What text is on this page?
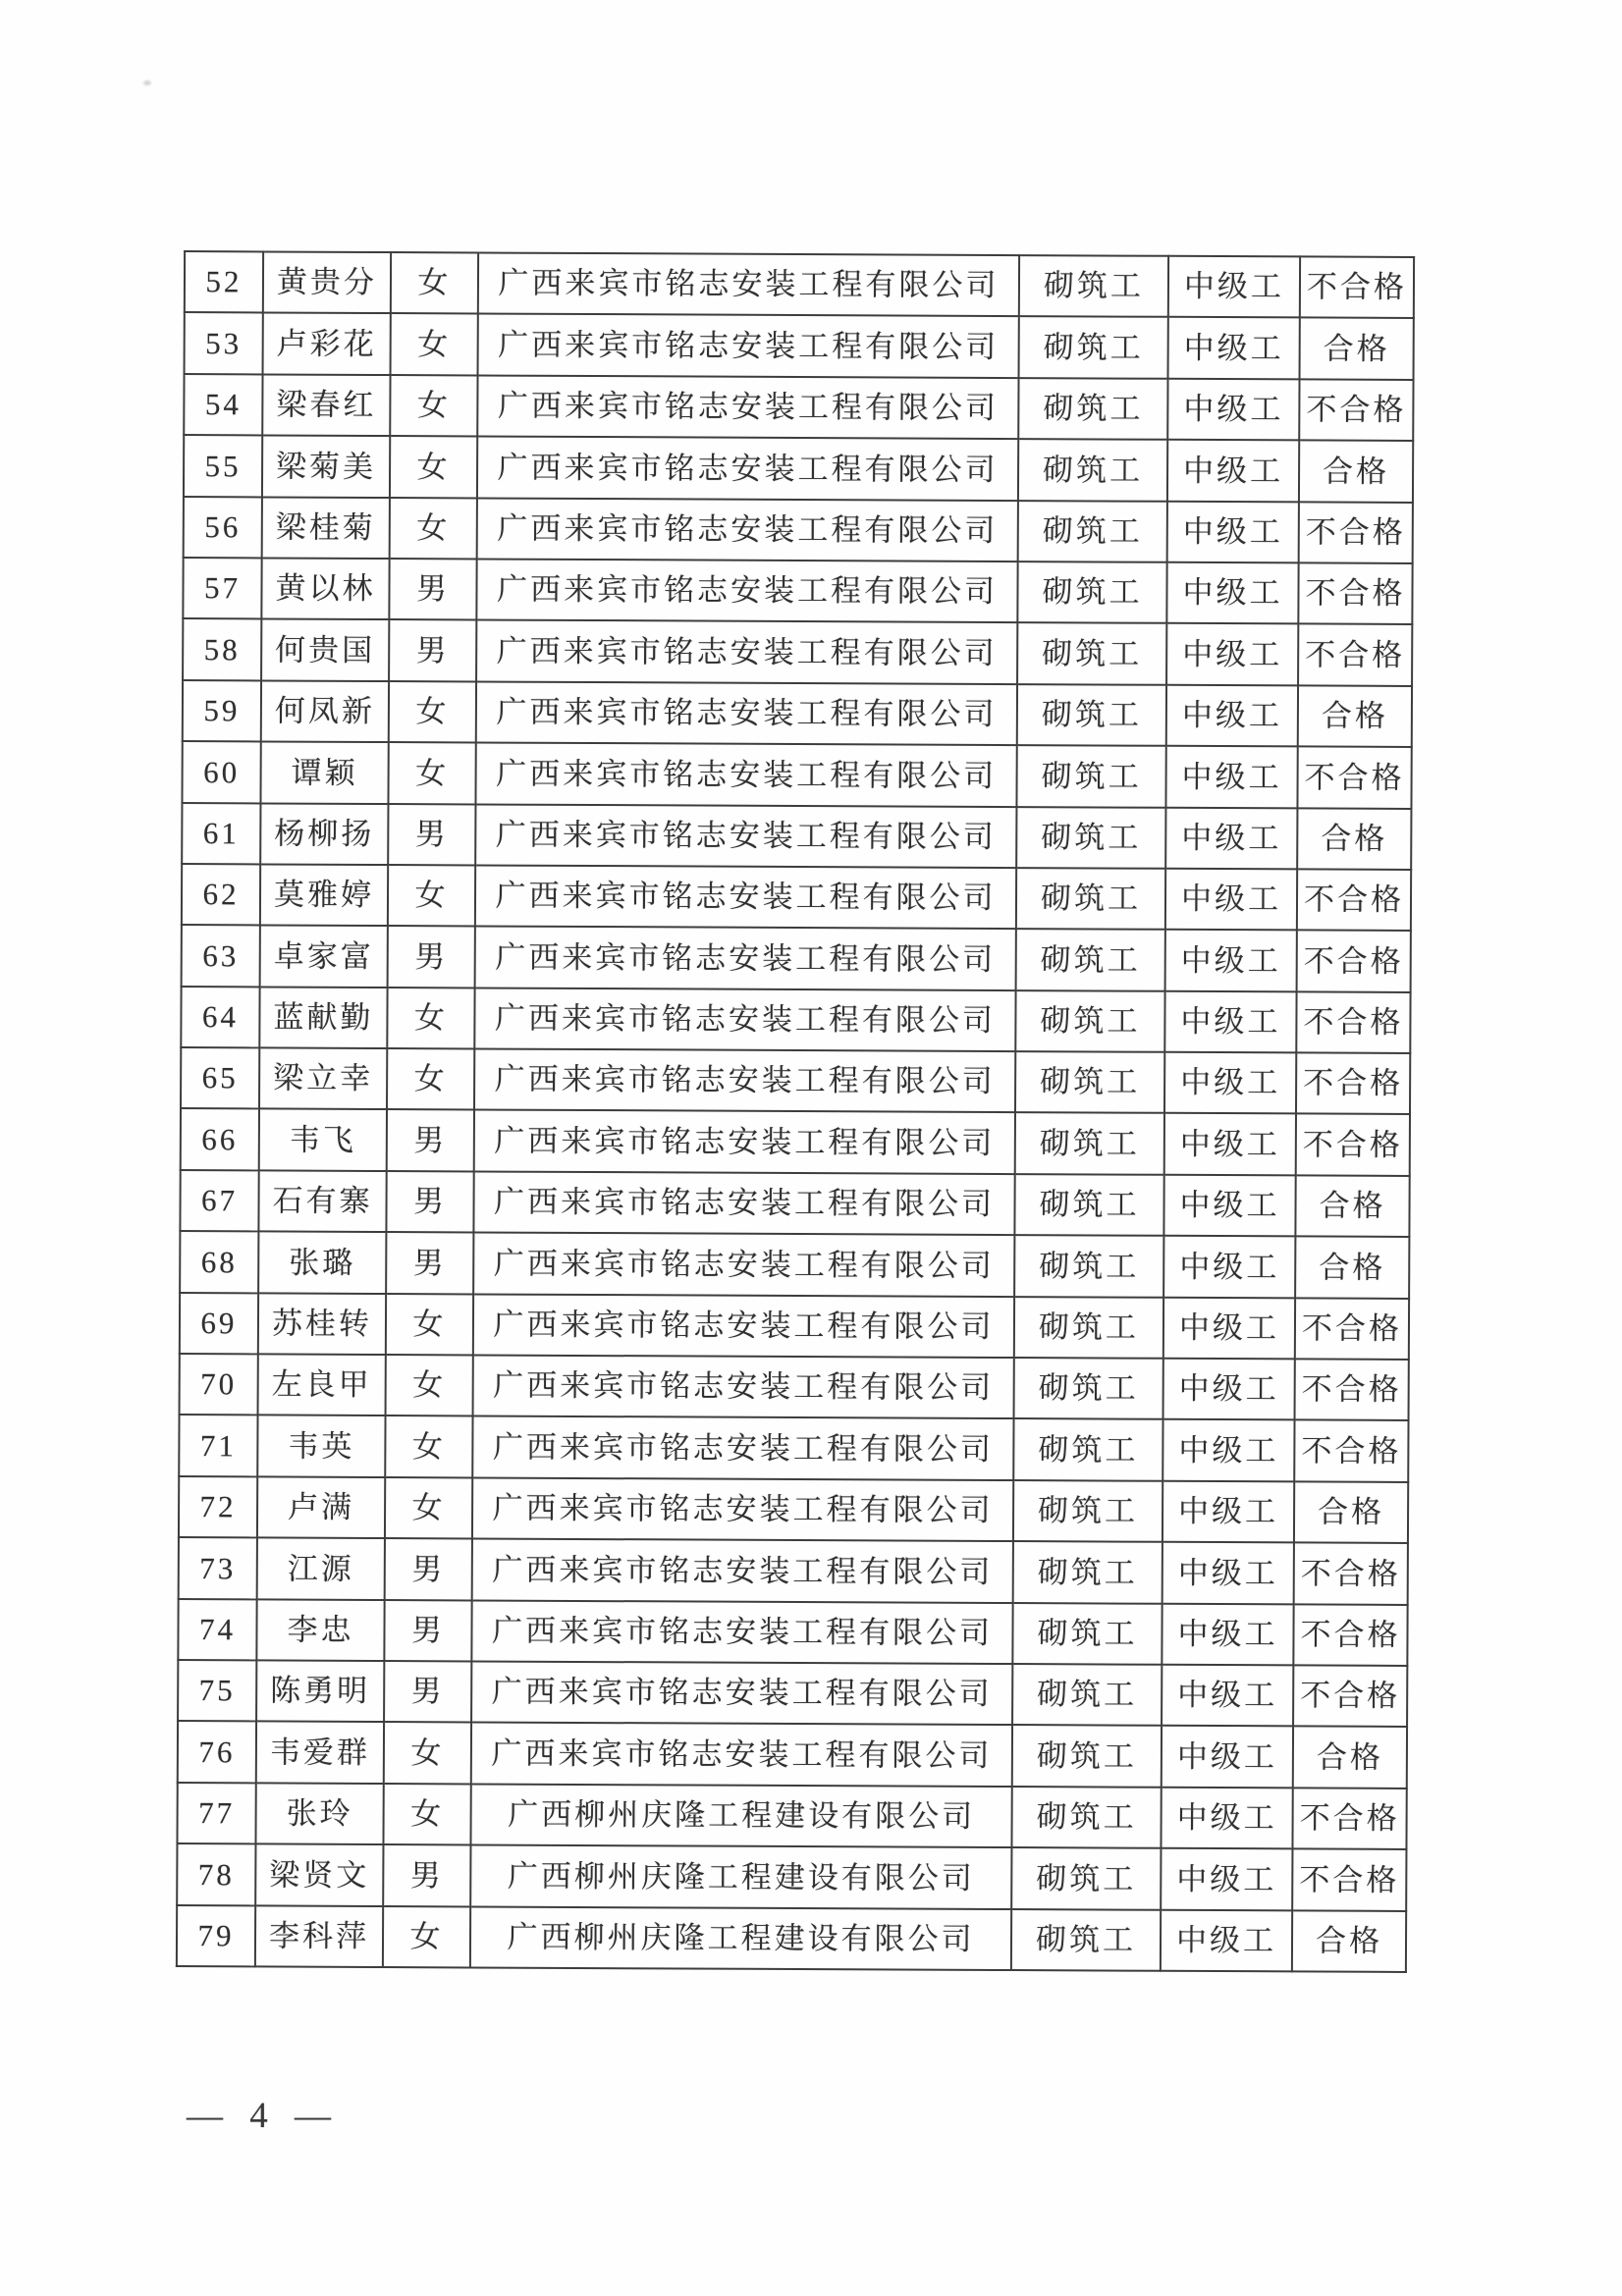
52	黄贵分	女	广西来宾市铭志安装工程有限公司	砌筑工	中级工	不合格
53	卢彩花	女	广西来宾市铭志安装工程有限公司	砌筑工	中级工	合格
54	梁春红	女	广西来宾市铭志安装工程有限公司	砌筑工	中级工	不合格
55	梁菊美	女	广西来宾市铭志安装工程有限公司	砌筑工	中级工	合格
56	梁桂菊	女	广西来宾市铭志安装工程有限公司	砌筑工	中级工	不合格
57	黄以林	男	广西来宾市铭志安装工程有限公司	砌筑工	中级工	不合格
58	何贵国	男	广西来宾市铭志安装工程有限公司	砌筑工	中级工	不合格
59	何凤新	女	广西来宾市铭志安装工程有限公司	砌筑工	中级工	合格
60	谭颖	女	广西来宾市铭志安装工程有限公司	砌筑工	中级工	不合格
61	杨柳扬	男	广西来宾市铭志安装工程有限公司	砌筑工	中级工	合格
62	莫雅婷	女	广西来宾市铭志安装工程有限公司	砌筑工	中级工	不合格
63	卓家富	男	广西来宾市铭志安装工程有限公司	砌筑工	中级工	不合格
64	蓝献勤	女	广西来宾市铭志安装工程有限公司	砌筑工	中级工	不合格
65	梁立幸	女	广西来宾市铭志安装工程有限公司	砌筑工	中级工	不合格
66	韦飞	男	广西来宾市铭志安装工程有限公司	砌筑工	中级工	不合格
67	石有寨	男	广西来宾市铭志安装工程有限公司	砌筑工	中级工	合格
68	张璐	男	广西来宾市铭志安装工程有限公司	砌筑工	中级工	合格
69	苏桂转	女	广西来宾市铭志安装工程有限公司	砌筑工	中级工	不合格
70	左良甲	女	广西来宾市铭志安装工程有限公司	砌筑工	中级工	不合格
71	韦英	女	广西来宾市铭志安装工程有限公司	砌筑工	中级工	不合格
72	卢满	女	广西来宾市铭志安装工程有限公司	砌筑工	中级工	合格
73	江源	男	广西来宾市铭志安装工程有限公司	砌筑工	中级工	不合格
74	李忠	男	广西来宾市铭志安装工程有限公司	砌筑工	中级工	不合格
75	陈勇明	男	广西来宾市铭志安装工程有限公司	砌筑工	中级工	不合格
76	韦爱群	女	广西来宾市铭志安装工程有限公司	砌筑工	中级工	合格
77	张玲	女	广西柳州庆隆工程建设有限公司	砌筑工	中级工	不合格
78	梁贤文	男	广西柳州庆隆工程建设有限公司	砌筑工	中级工	不合格
79	李科萍	女	广西柳州庆隆工程建设有限公司	砌筑工	中级工	合格
— 4 —
